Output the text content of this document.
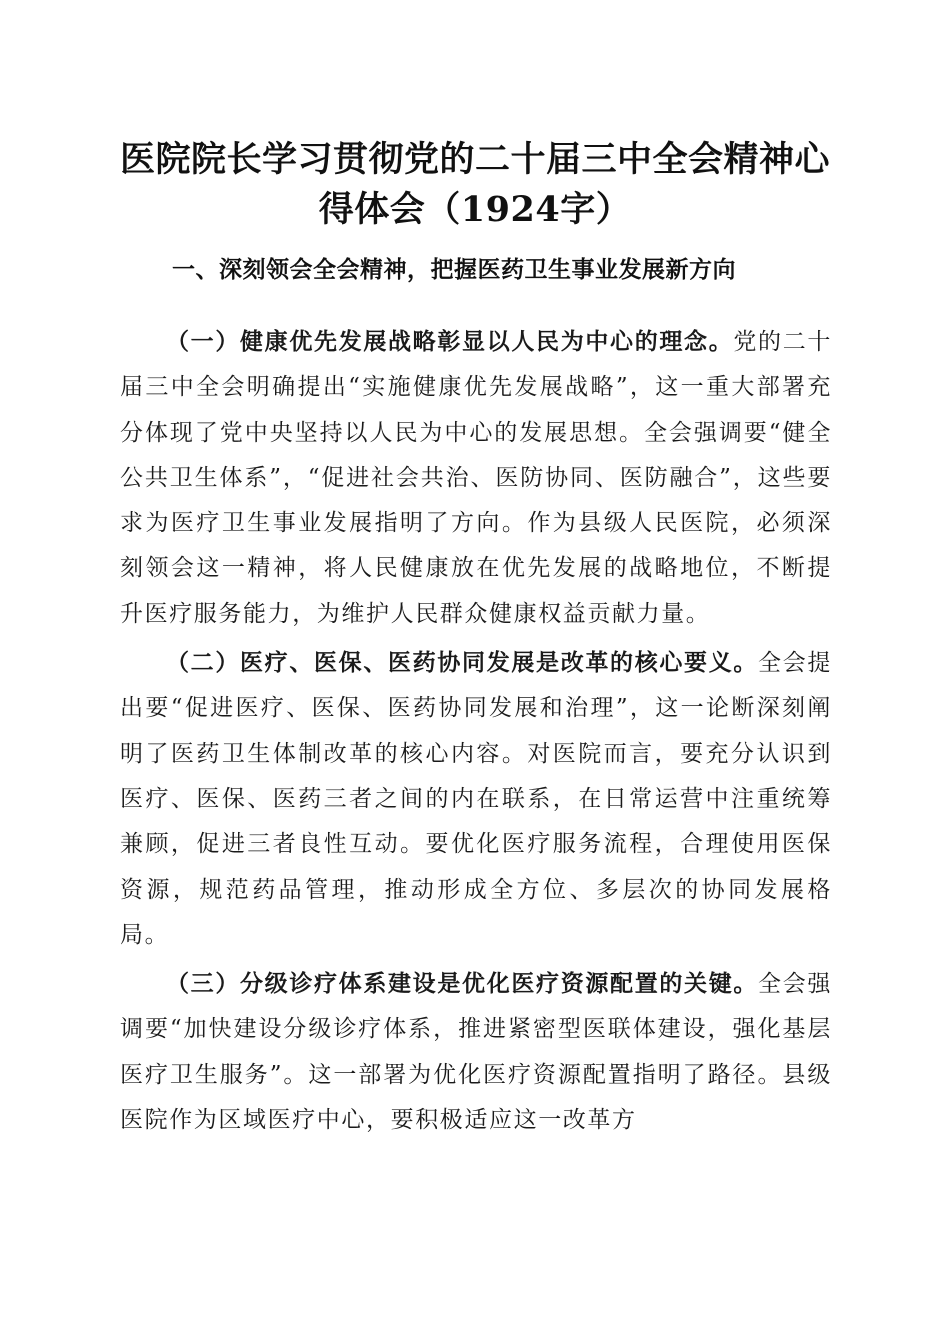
医院院长学习贯彻党的二十届三中全会精神心得体会（1924字）
一、深刻领会全会精神，把握医药卫生事业发展新方向

（一）健康优先发展战略彰显以人民为中心的理念。党的二十届三中全会明确提出“实施健康优先发展战略”，这一重大部署充分体现了党中央坚持以人民为中心的发展思想。全会强调要“健全公共卫生体系”，“促进社会共治、医防协同、医防融合”，这些要求为医疗卫生事业发展指明了方向。作为县级人民医院，必须深刻领会这一精神，将人民健康放在优先发展的战略地位，不断提升医疗服务能力，为维护人民群众健康权益贡献力量。

（二）医疗、医保、医药协同发展是改革的核心要义。全会提出要“促进医疗、医保、医药协同发展和治理”，这一论断深刻阐明了医药卫生体制改革的核心内容。对医院而言，要充分认识到医疗、医保、医药三者之间的内在联系，在日常运营中注重统筹兼顾，促进三者良性互动。要优化医疗服务流程，合理使用医保资源，规范药品管理，推动形成全方位、多层次的协同发展格局。

（三）分级诊疗体系建设是优化医疗资源配置的关键。全会强调要“加快建设分级诊疗体系，推进紧密型医联体建设，强化基层医疗卫生服务”。这一部署为优化医疗资源配置指明了路径。县级医院作为区域医疗中心，要积极适应这一改革方
